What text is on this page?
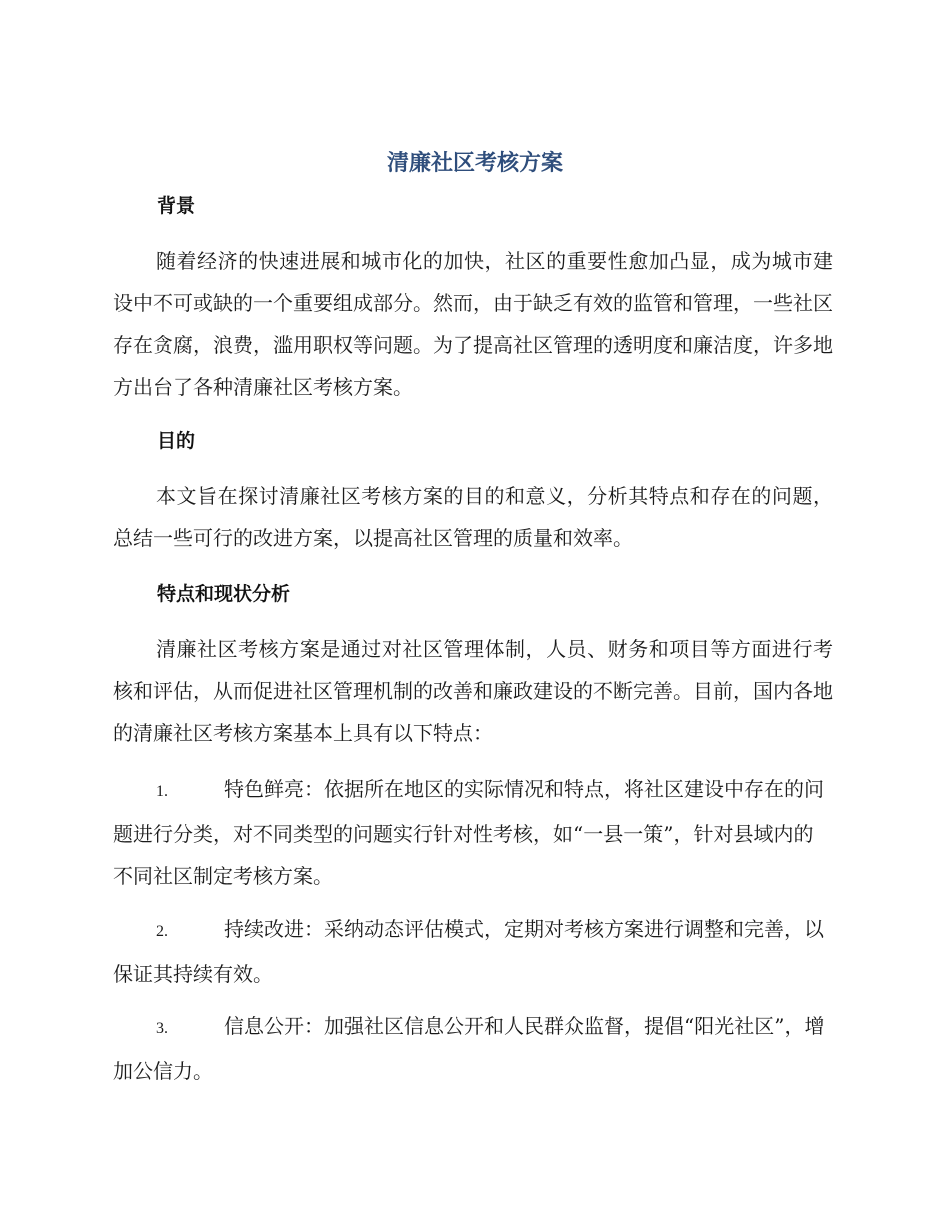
清廉社区考核方案
背景

随着经济的快速进展和城市化的加快，社区的重要性愈加凸显，成为城市建设中不可或缺的一个重要组成部分。然而，由于缺乏有效的监管和管理，一些社区存在贪腐，浪费，滥用职权等问题。为了提高社区管理的透明度和廉洁度，许多地方出台了各种清廉社区考核方案。

目的

本文旨在探讨清廉社区考核方案的目的和意义，分析其特点和存在的问题，总结一些可行的改进方案，以提高社区管理的质量和效率。

特点和现状分析

清廉社区考核方案是通过对社区管理体制，人员、财务和项目等方面进行考核和评估，从而促进社区管理机制的改善和廉政建设的不断完善。目前，国内各地的清廉社区考核方案基本上具有以下特点：

1.	特色鲜亮：依据所在地区的实际情况和特点，将社区建设中存在的问题进行分类，对不同类型的问题实行针对性考核，如“一县一策”，针对县域内的不同社区制定考核方案。

2.	持续改进：采纳动态评估模式，定期对考核方案进行调整和完善，以保证其持续有效。

3.	信息公开：加强社区信息公开和人民群众监督，提倡“阳光社区”，增加公信力。
